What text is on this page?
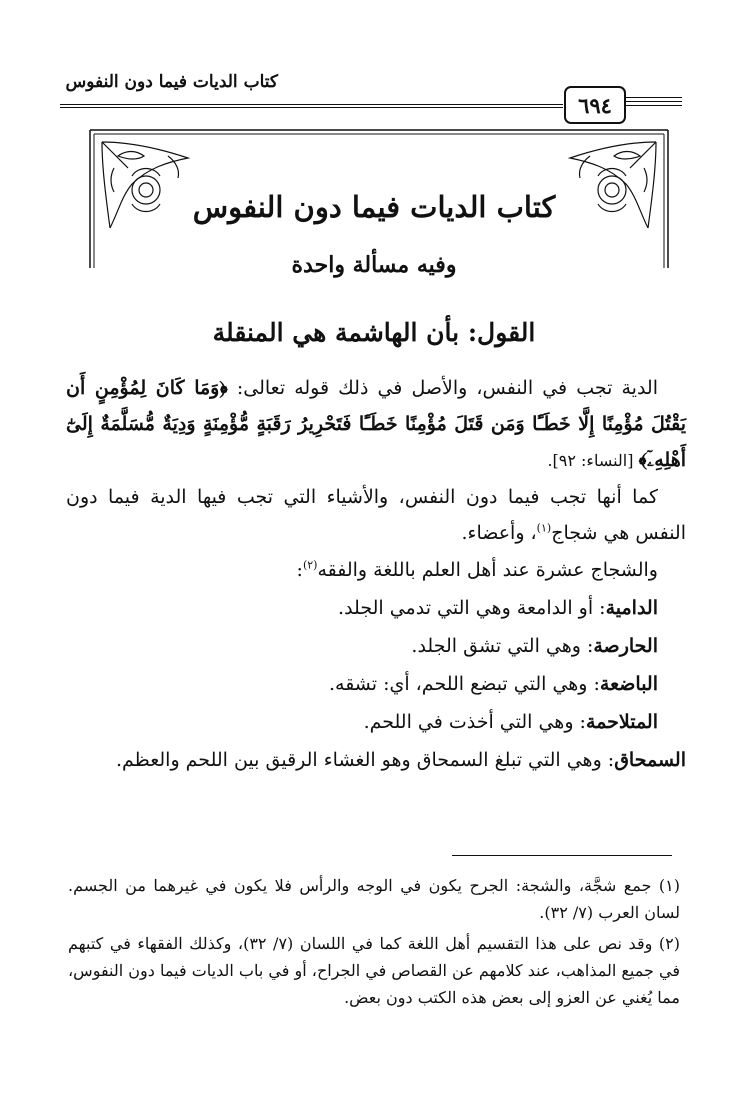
كتاب الديات فيما دون النفوس
٦٩٤
كتاب الديات فيما دون النفوس
وفيه مسألة واحدة
القول: بأن الهاشمة هي المنقلة

الدية تجب في النفس، والأصل في ذلك قوله تعالى: ﴿وَمَا كَانَ لِمُؤْمِنٍ أَن يَقْتُلَ مُؤْمِنًا إِلَّا خَطَـًٔا وَمَن قَتَلَ مُؤْمِنًا خَطَـًٔا فَتَحْرِيرُ رَقَبَةٍ مُّؤْمِنَةٍ وَدِيَةٌ مُّسَلَّمَةٌ إِلَىٰٓ أَهْلِهِۦٓ﴾ [النساء: ٩٢].

كما أنها تجب فيما دون النفس، والأشياء التي تجب فيها الدية فيما دون النفس هي شجاج$^{(١)}$، وأعضاء.

والشجاج عشرة عند أهل العلم باللغة والفقه$^{(٢)}$:

الدامية: أو الدامعة وهي التي تدمي الجلد.

الحارصة: وهي التي تشق الجلد.

الباضعة: وهي التي تبضع اللحم، أي: تشقه.

المتلاحمة: وهي التي أخذت في اللحم.

السمحاق: وهي التي تبلغ السمحاق وهو الغشاء الرقيق بين اللحم والعظم.

(١) جمع شجَّة، والشجة: الجرح يكون في الوجه والرأس فلا يكون في غيرهما من الجسم. لسان العرب (٧/ ٣٢).

(٢) وقد نص على هذا التقسيم أهل اللغة كما في اللسان (٧/ ٣٢)، وكذلك الفقهاء في كتبهم في جميع المذاهب، عند كلامهم عن القصاص في الجراح، أو في باب الديات فيما دون النفوس، مما يُغني عن العزو إلى بعض هذه الكتب دون بعض.
